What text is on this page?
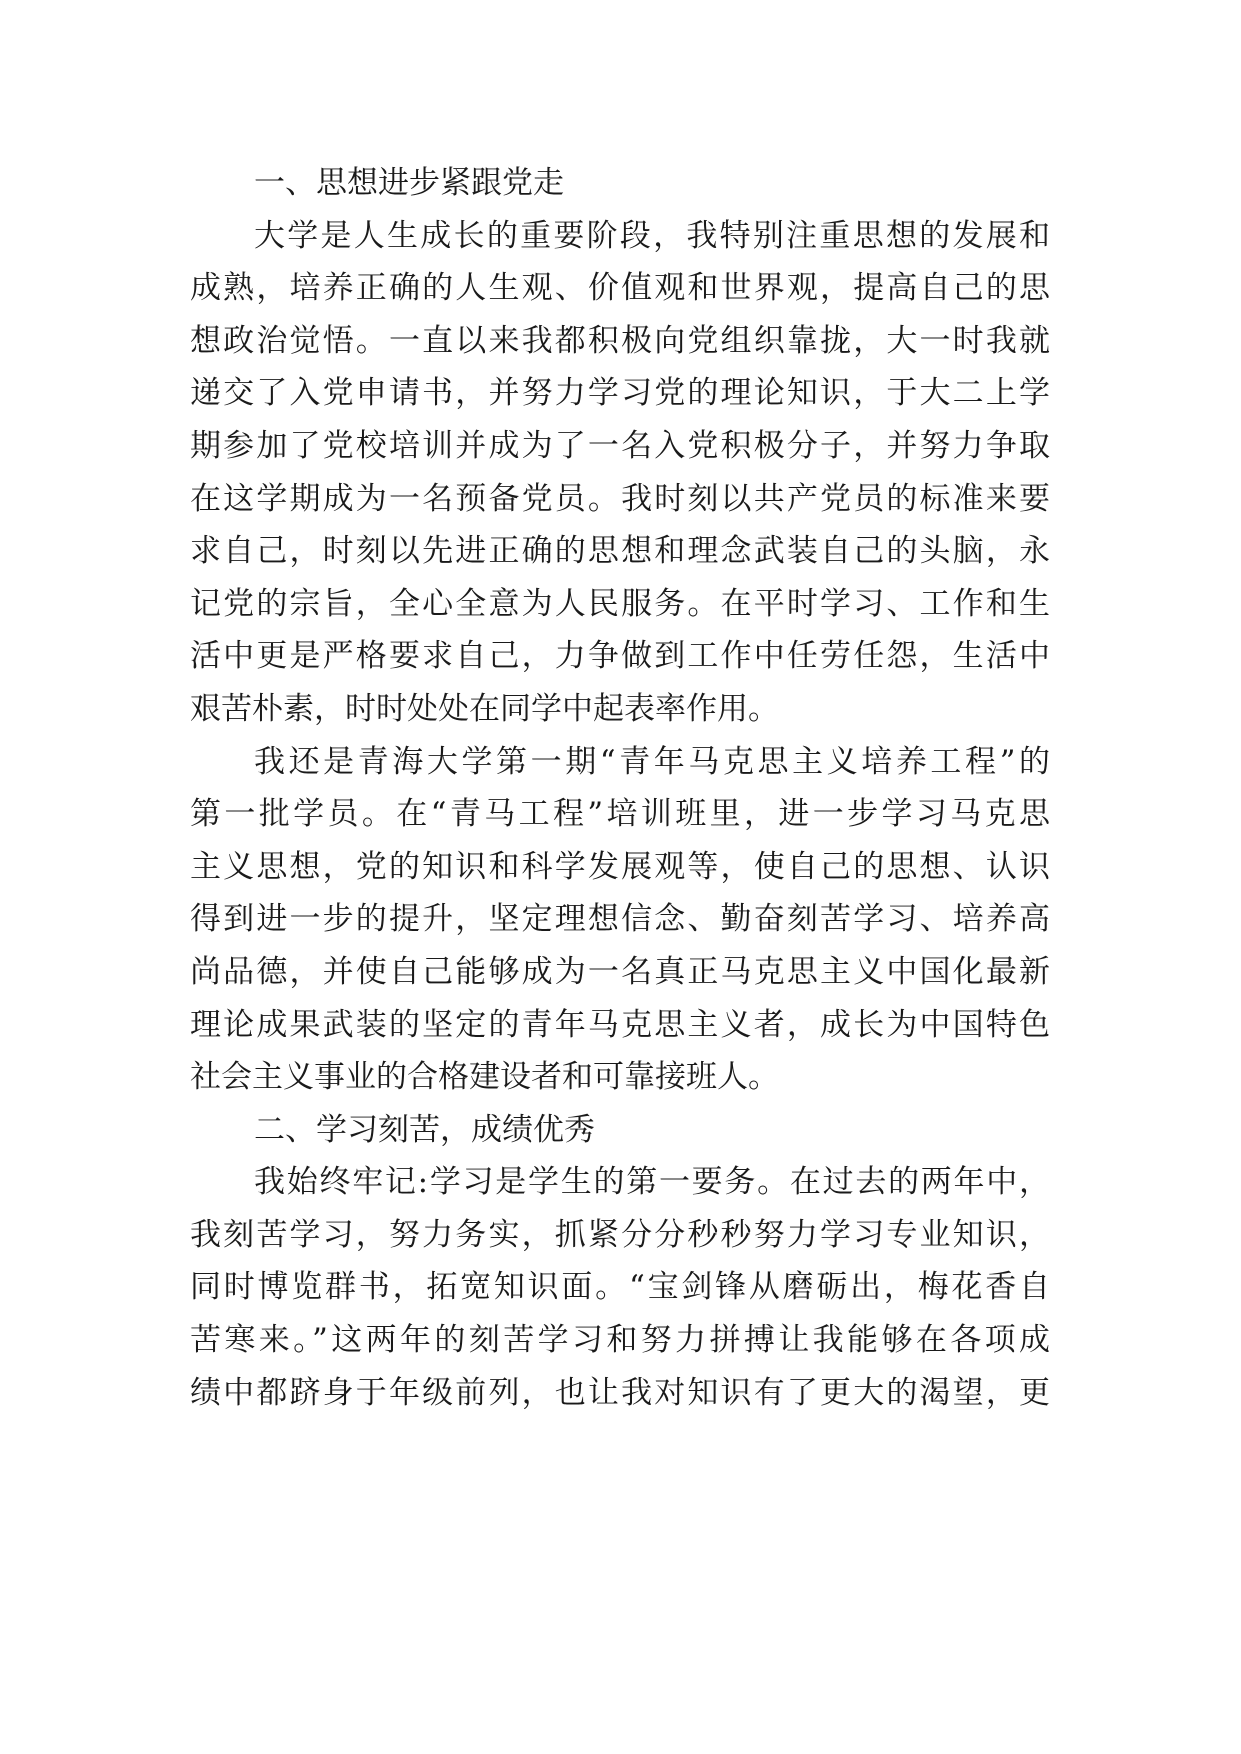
一、思想进步紧跟党走
大学是人生成长的重要阶段，我特别注重思想的发展和
成熟，培养正确的人生观、价值观和世界观，提高自己的思
想政治觉悟。一直以来我都积极向党组织靠拢，大一时我就
递交了入党申请书，并努力学习党的理论知识，于大二上学
期参加了党校培训并成为了一名入党积极分子，并努力争取
在这学期成为一名预备党员。我时刻以共产党员的标准来要
求自己，时刻以先进正确的思想和理念武装自己的头脑，永
记党的宗旨，全心全意为人民服务。在平时学习、工作和生
活中更是严格要求自己，力争做到工作中任劳任怨，生活中
艰苦朴素，时时处处在同学中起表率作用。
我还是青海大学第一期“青年马克思主义培养工程”的
第一批学员。在“青马工程”培训班里，进一步学习马克思
主义思想，党的知识和科学发展观等，使自己的思想、认识
得到进一步的提升，坚定理想信念、勤奋刻苦学习、培养高
尚品德，并使自己能够成为一名真正马克思主义中国化最新
理论成果武装的坚定的青年马克思主义者，成长为中国特色
社会主义事业的合格建设者和可靠接班人。
二、学习刻苦，成绩优秀
我始终牢记:学习是学生的第一要务。在过去的两年中，
我刻苦学习，努力务实，抓紧分分秒秒努力学习专业知识，
同时博览群书，拓宽知识面。“宝剑锋从磨砺出，梅花香自
苦寒来。”这两年的刻苦学习和努力拼搏让我能够在各项成
绩中都跻身于年级前列，也让我对知识有了更大的渴望，更
